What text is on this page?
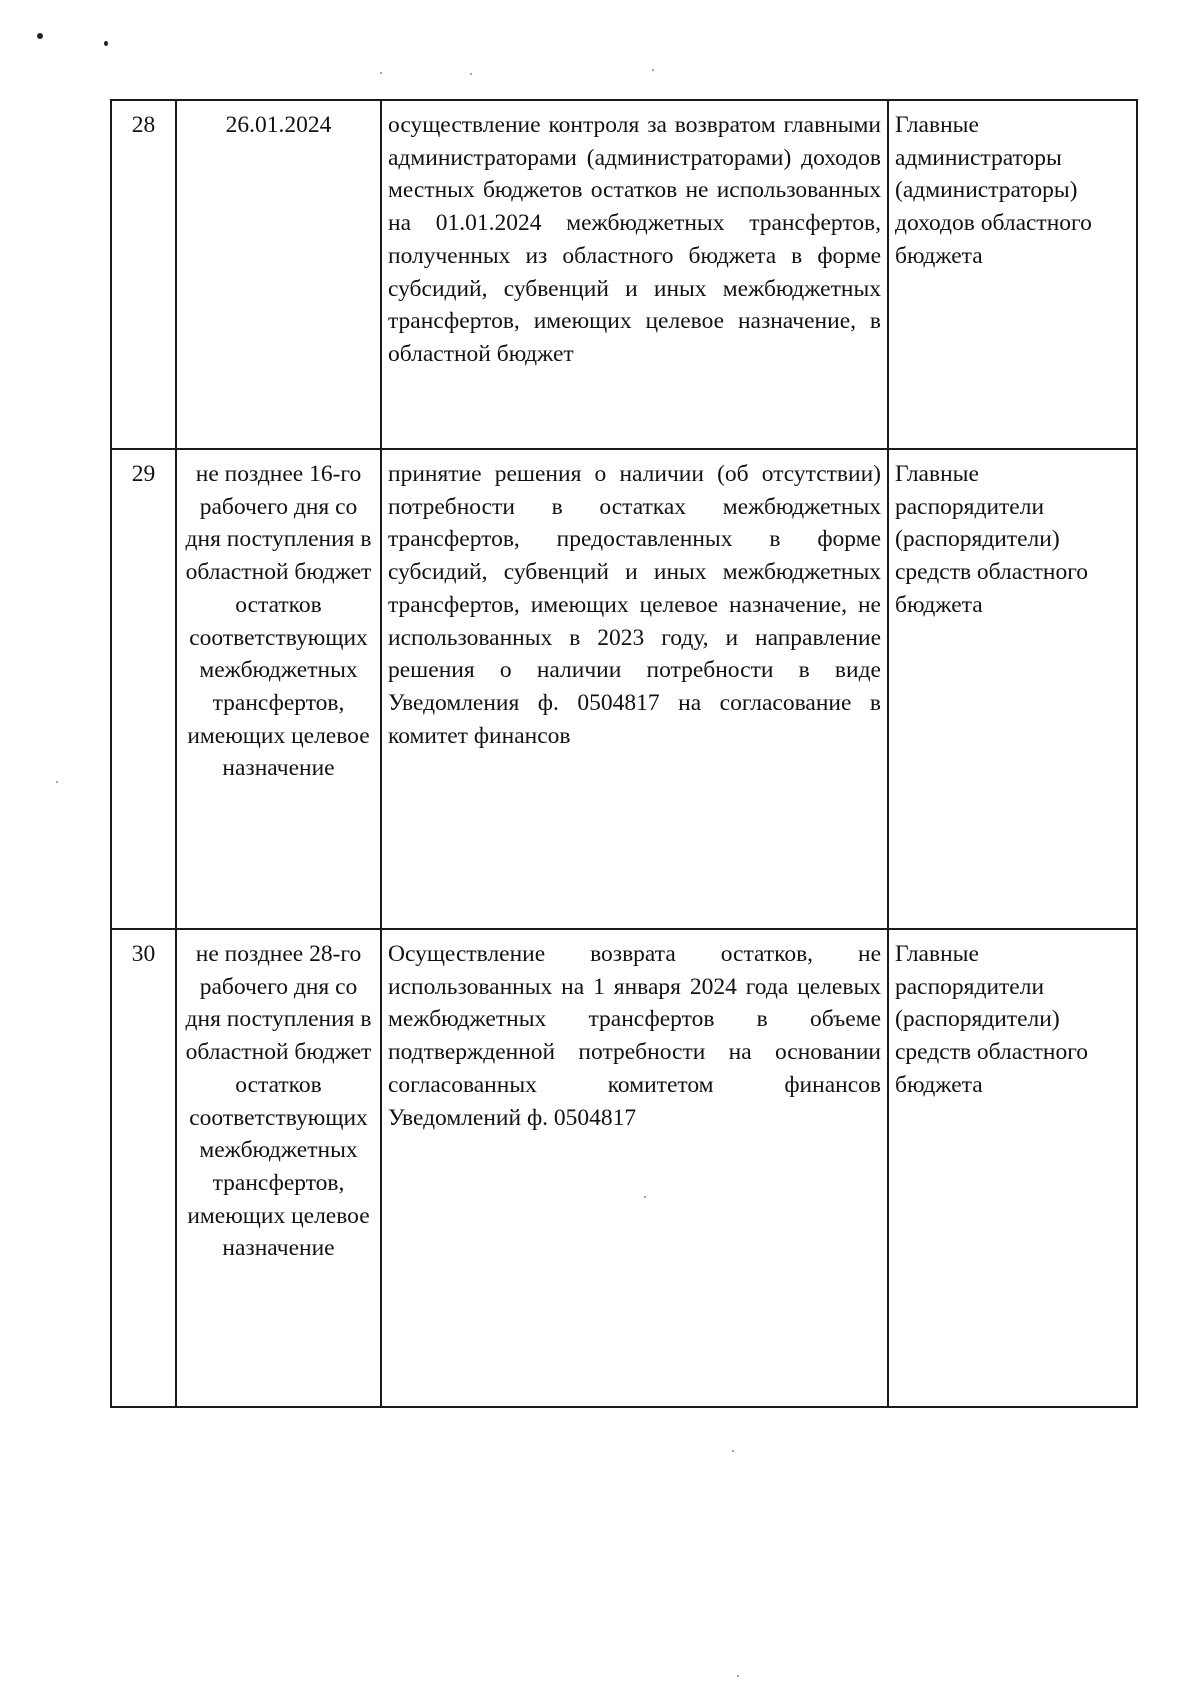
28	26.01.2024	осуществление контроля за возвратом главными администраторами (администраторами) доходов местных бюджетов остатков не использованных на 01.01.2024 межбюджетных трансфертов, полученных из областного бюджета в форме субсидий, субвенций и иных межбюджетных трансфертов, имеющих целевое назначение, в областной бюджет	Главные администраторы (администраторы) доходов областного бюджета
29	не позднее 16-го рабочего дня со дня поступления в областной бюджет остатков соответствующих межбюджетных трансфертов, имеющих целевое назначение	принятие решения о наличии (об отсутствии) потребности в остатках межбюджетных трансфертов, предоставленных в форме субсидий, субвенций и иных межбюджетных трансфертов, имеющих целевое назначение, не использованных в 2023 году, и направление решения о наличии потребности в виде Уведомления ф. 0504817 на согласование в комитет финансов	Главные распорядители (распорядители) средств областного бюджета
30	не позднее 28-го рабочего дня со дня поступления в областной бюджет остатков соответствующих межбюджетных трансфертов, имеющих целевое назначение	Осуществление возврата остатков, не использованных на 1 января 2024 года целевых межбюджетных трансфертов в объеме подтвержденной потребности на основании согласованных комитетом финансов Уведомлений ф. 0504817	Главные распорядители (распорядители) средств областного бюджета
